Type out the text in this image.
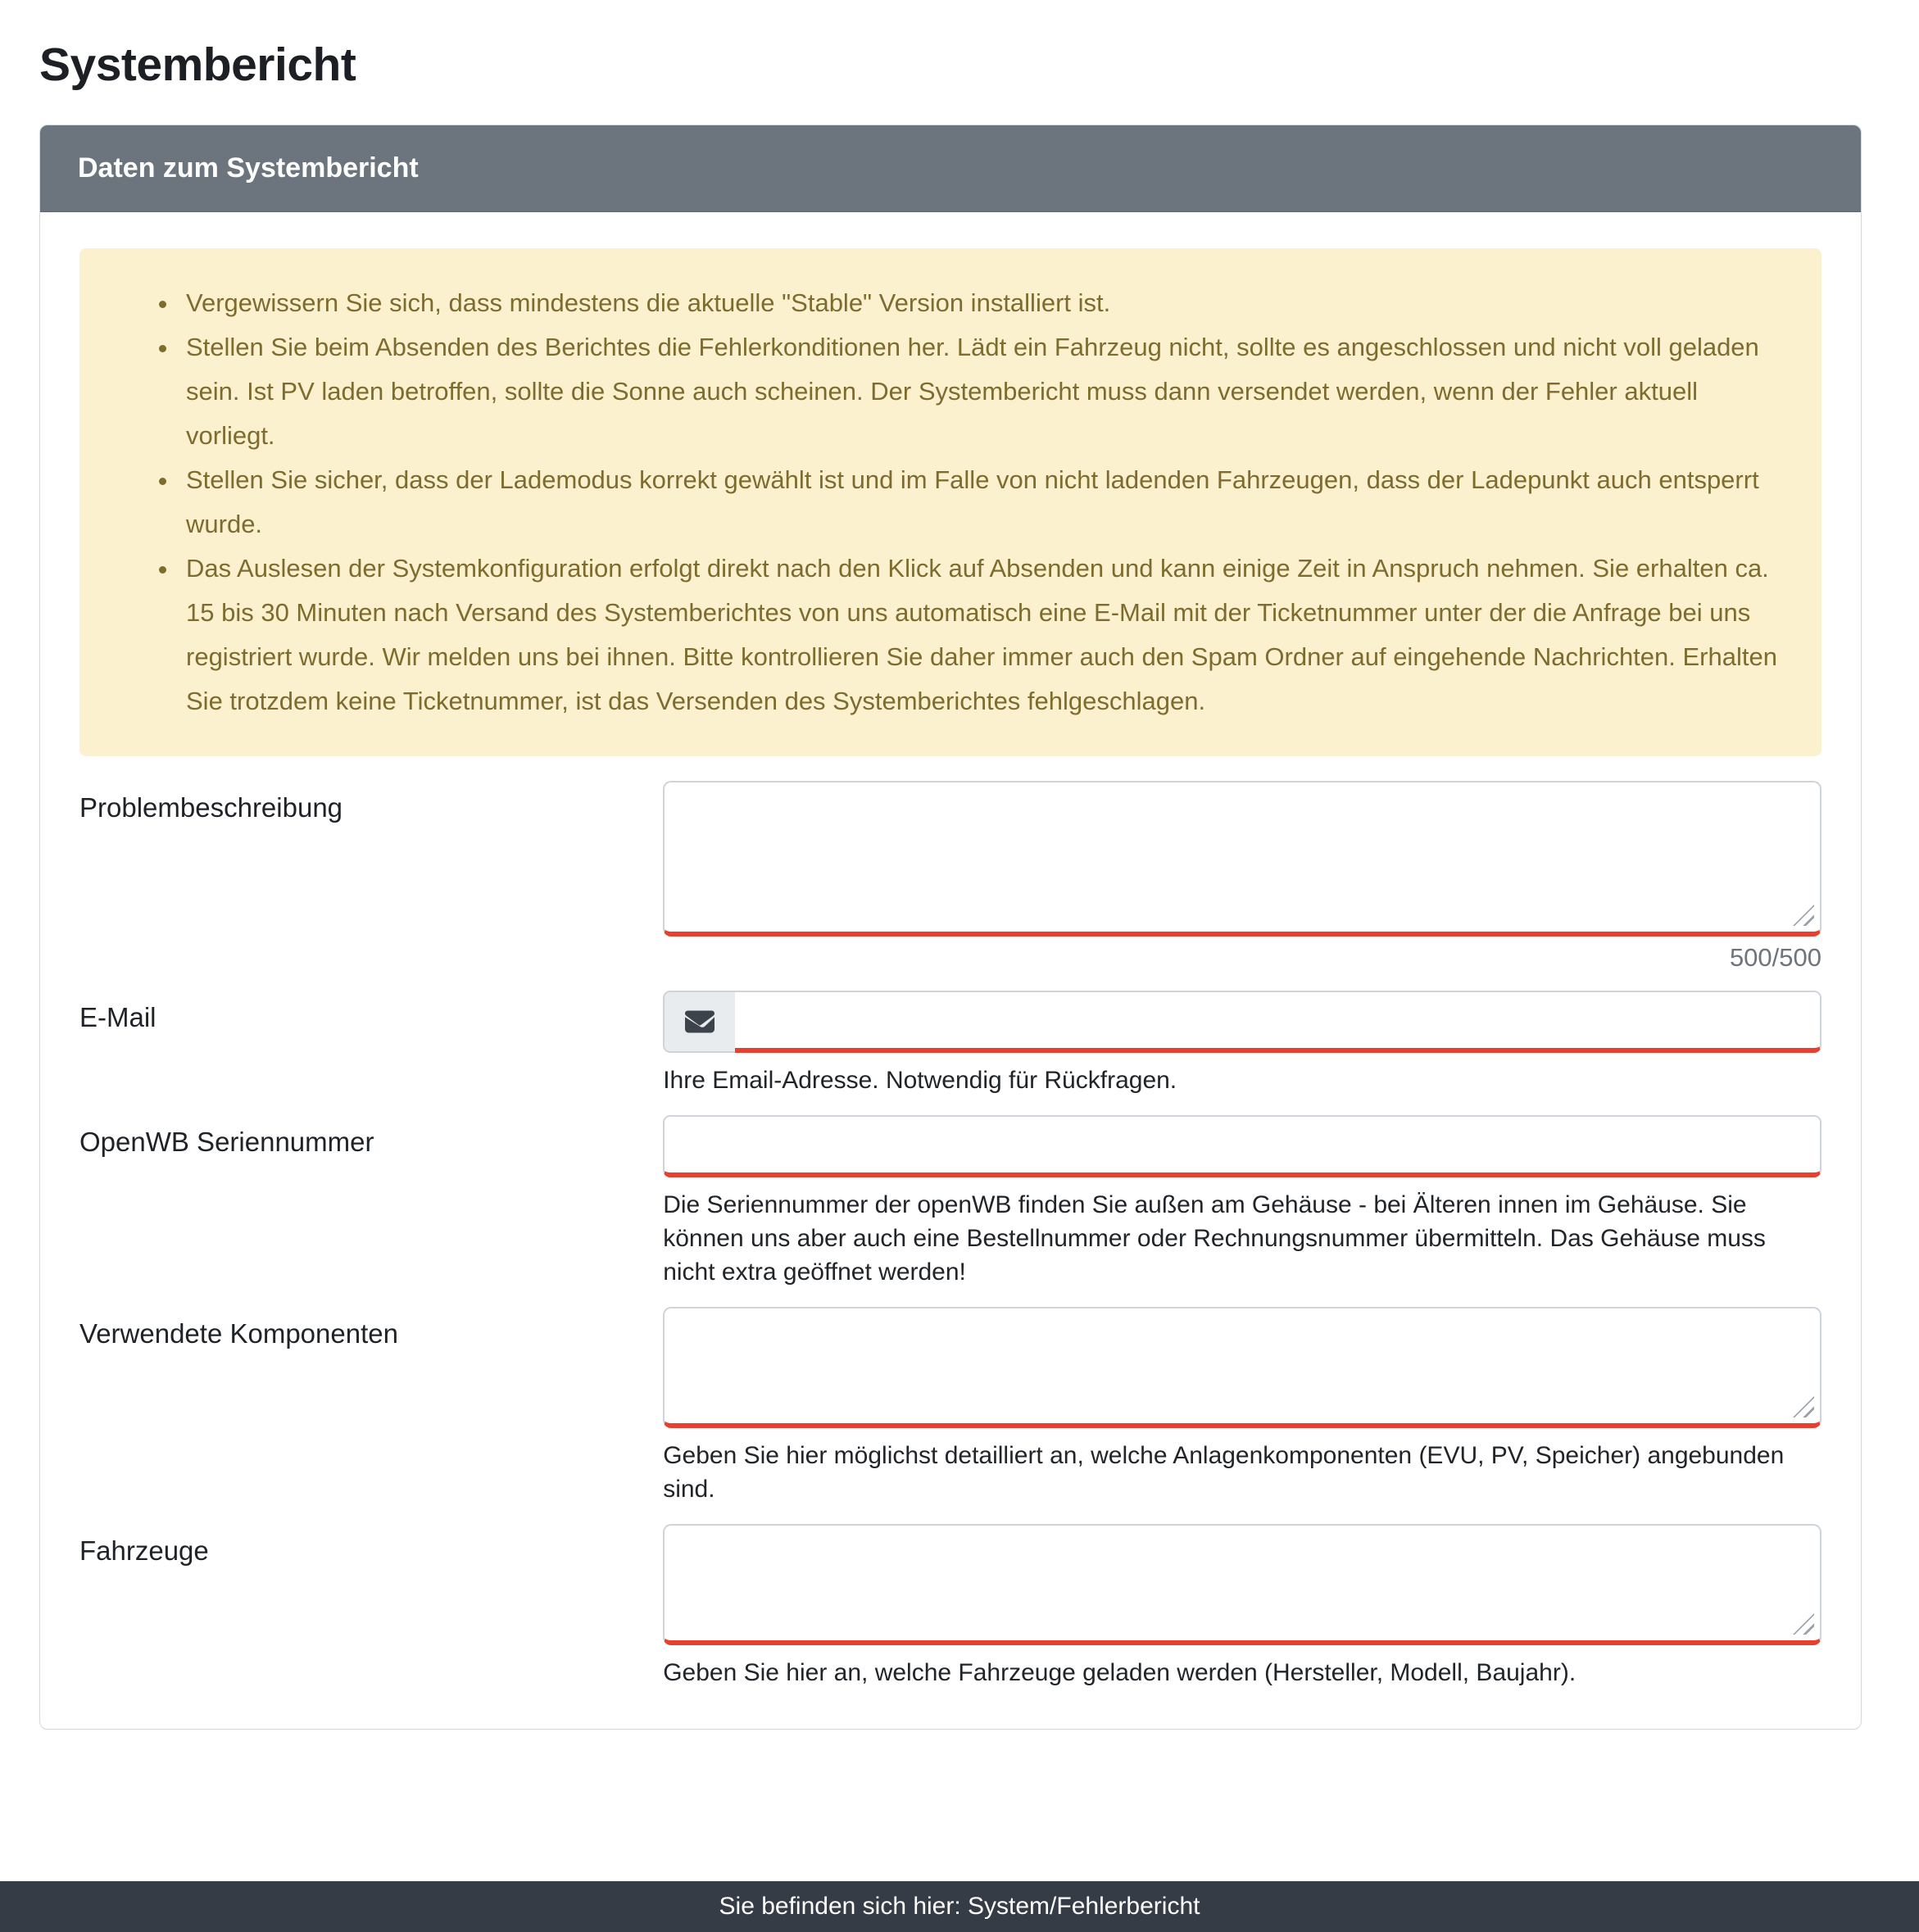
Systembericht
Daten zum Systembericht
• Vergewissern Sie sich, dass mindestens die aktuelle "Stable" Version installiert ist.
• Stellen Sie beim Absenden des Berichtes die Fehlerkonditionen her. Lädt ein Fahrzeug nicht, sollte es angeschlossen und nicht voll geladen sein. Ist PV laden betroffen, sollte die Sonne auch scheinen. Der Systembericht muss dann versendet werden, wenn der Fehler aktuell vorliegt.
• Stellen Sie sicher, dass der Lademodus korrekt gewählt ist und im Falle von nicht ladenden Fahrzeugen, dass der Ladepunkt auch entsperrt wurde.
• Das Auslesen der Systemkonfiguration erfolgt direkt nach den Klick auf Absenden und kann einige Zeit in Anspruch nehmen. Sie erhalten ca. 15 bis 30 Minuten nach Versand des Systemberichtes von uns automatisch eine E-Mail mit der Ticketnummer unter der die Anfrage bei uns registriert wurde. Wir melden uns bei ihnen. Bitte kontrollieren Sie daher immer auch den Spam Ordner auf eingehende Nachrichten. Erhalten Sie trotzdem keine Ticketnummer, ist das Versenden des Systemberichtes fehlgeschlagen.
Problembeschreibung
500/500
E-Mail
Ihre Email-Adresse. Notwendig für Rückfragen.
OpenWB Seriennummer
Die Seriennummer der openWB finden Sie außen am Gehäuse - bei Älteren innen im Gehäuse. Sie können uns aber auch eine Bestellnummer oder Rechnungsnummer übermitteln. Das Gehäuse muss nicht extra geöffnet werden!
Verwendete Komponenten
Geben Sie hier möglichst detailliert an, welche Anlagenkomponenten (EVU, PV, Speicher) angebunden sind.
Fahrzeuge
Geben Sie hier an, welche Fahrzeuge geladen werden (Hersteller, Modell, Baujahr).
Sie befinden sich hier: System/Fehlerbericht
